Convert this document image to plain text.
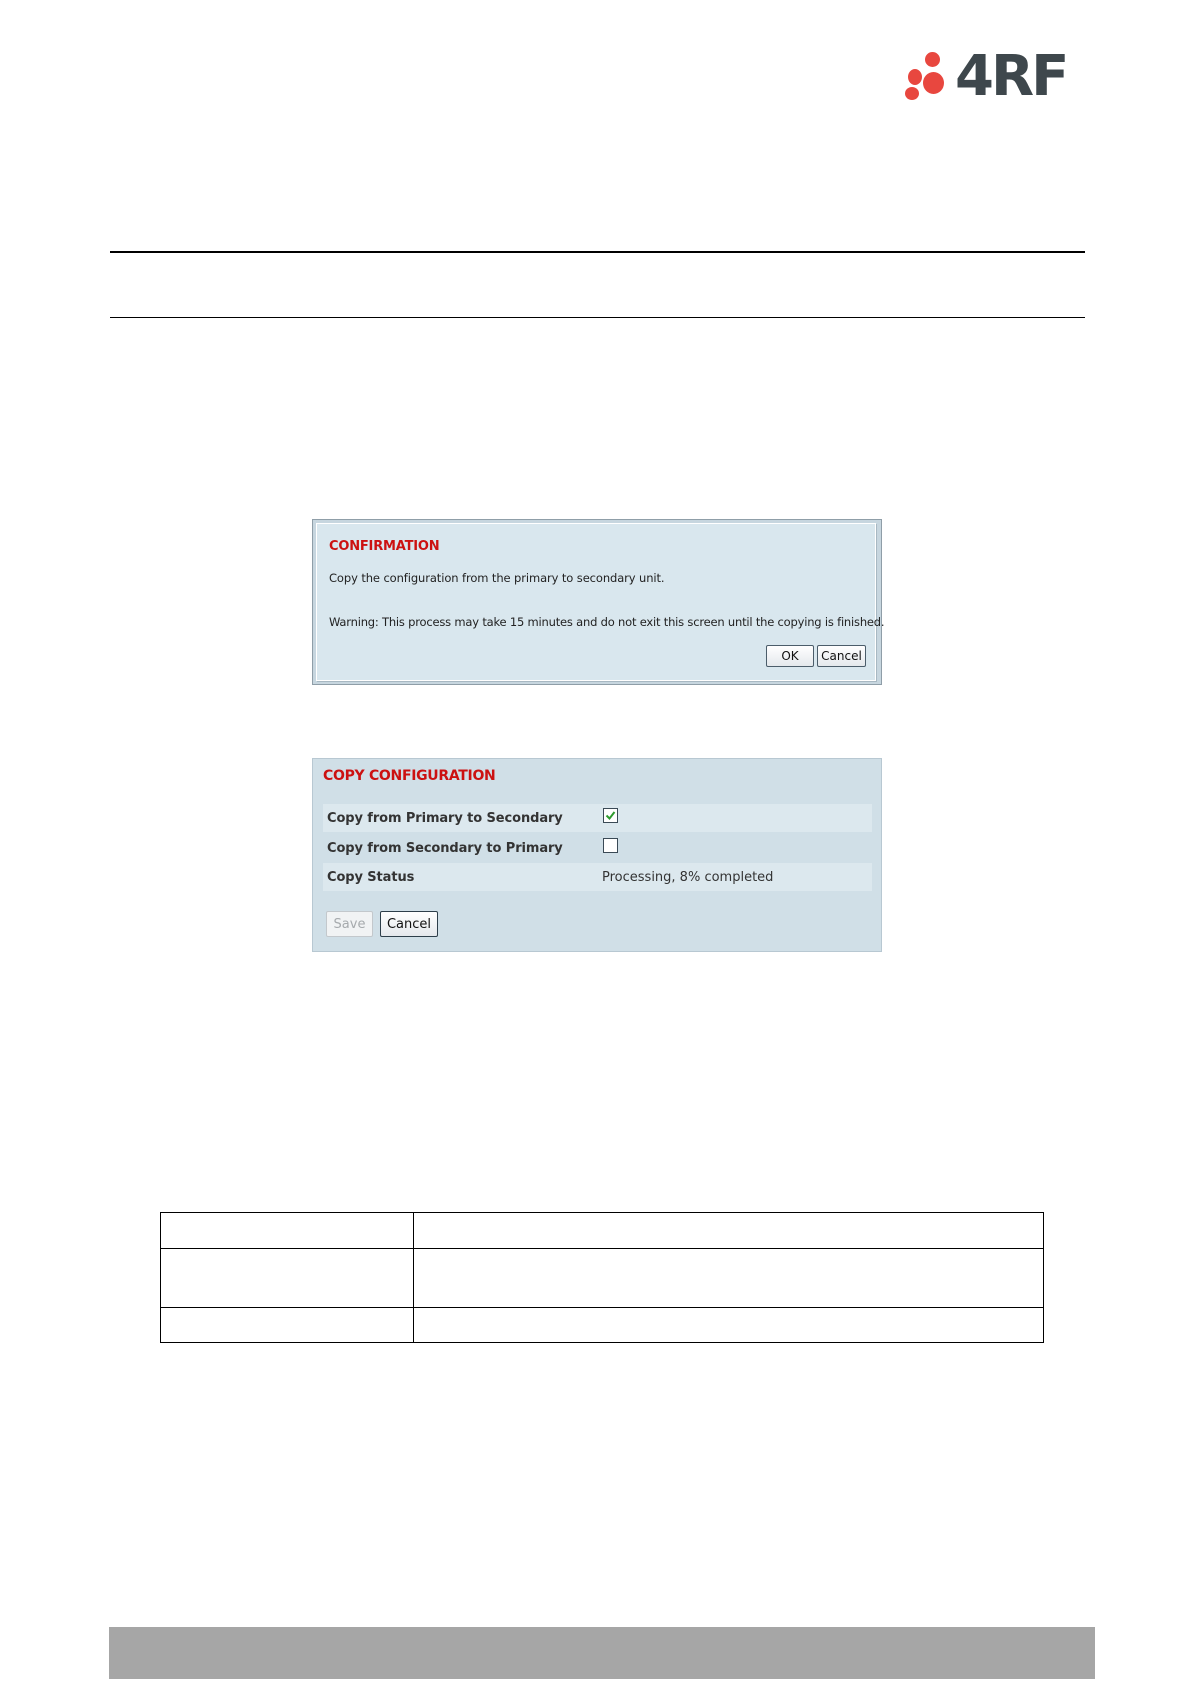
4RF
CONFIRMATION
Copy the configuration from the primary to secondary unit.
Warning: This process may take 15 minutes and do not exit this screen until the copying is finished.
OK	Cancel
COPY CONFIGURATION
Copy from Primary to Secondary
Copy from Secondary to Primary
Copy Status	Processing, 8% completed
Save	Cancel
